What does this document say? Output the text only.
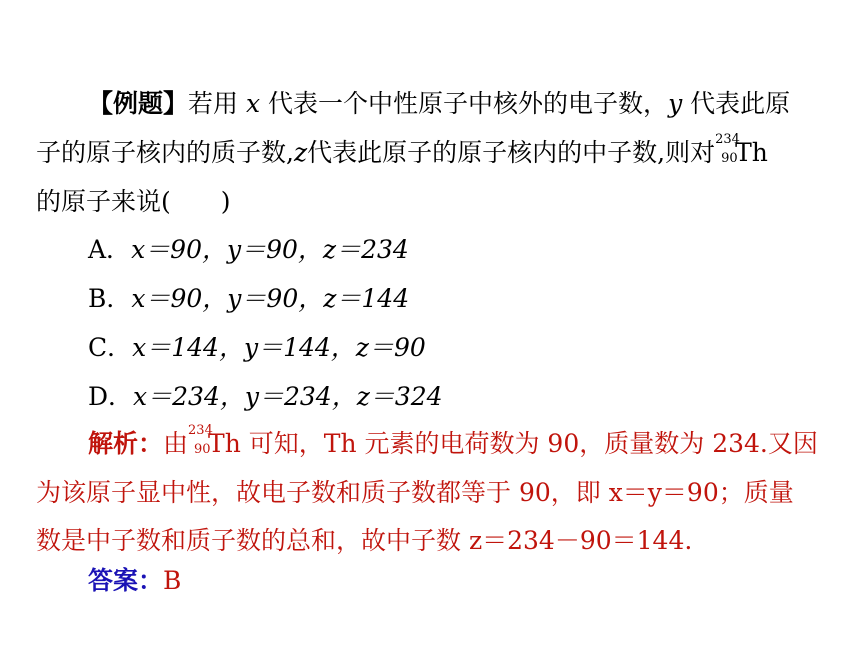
【例题】若用 x 代表一个中性原子中核外的电子数，y 代表此原
子的原子核内的质子数,z代表此原子的原子核内的中子数,则对 234
90
Th
的原子来说(　　)
A．x＝90，y＝90，z＝234
B．x＝90，y＝90，z＝144
C．x＝144，y＝144，z＝90
D．x＝234，y＝234，z＝324
解析：由 234
90
Th 可知，Th 元素的电荷数为 90，质量数为 234.又因
为该原子显中性，故电子数和质子数都等于 90，即 x＝y＝90；质量
数是中子数和质子数的总和，故中子数 z＝234－90＝144.
答案：B
